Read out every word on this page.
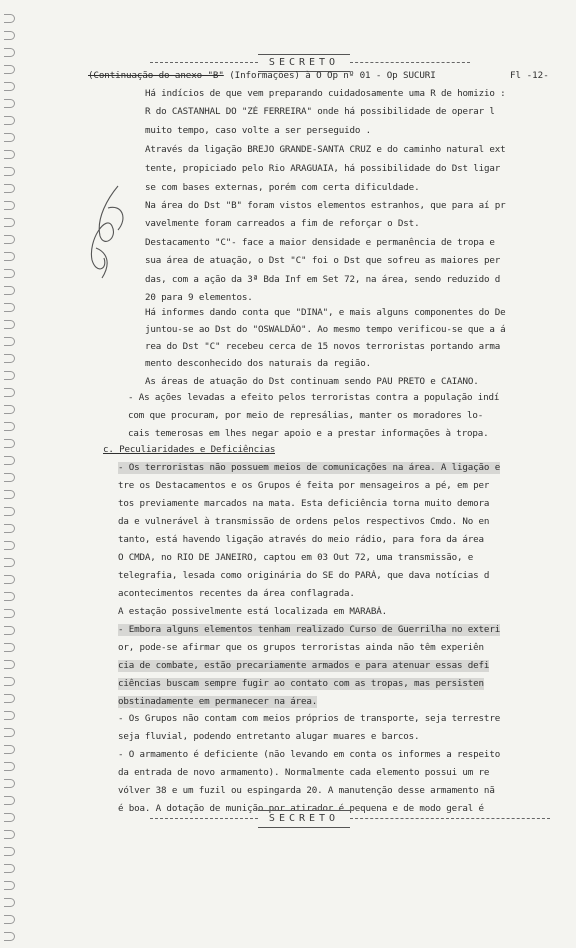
SECRETO
(Continuação do anexo "B" (Informações) à O Op nº 01 - Op SUCURI	Fl -12-
Há indícios de que vem preparando cuidadosamente uma R de homizio :
R do CASTANHAL DO "ZÉ FERREIRA" onde há possibilidade de operar l
muito tempo, caso volte a ser perseguido .
Através da ligação BREJO GRANDE-SANTA CRUZ e do caminho natural ext
tente, propiciado pelo Rio ARAGUAIA, há possibilidade do Dst ligar
se com bases externas, porém com certa dificuldade.
Na área do Dst "B" foram vistos elementos estranhos, que para aí pr
vavelmente foram carreados a fim de reforçar o Dst.
Destacamento "C"- face a maior densidade e permanência de tropa e
sua área de atuação, o Dst "C" foi o Dst que sofreu as maiores per
das, com a ação da 3ª Bda Inf em Set 72, na área, sendo reduzido d
20 para 9 elementos.
Há informes dando conta que "DINA", e mais alguns componentes do De
juntou-se ao Dst do "OSWALDÃO". Ao mesmo tempo verificou-se que a á
rea do Dst "C" recebeu cerca de 15 novos terroristas portando arma
mento desconhecido dos naturais da região.
As áreas de atuação do Dst continuam sendo PAU PRETO e CAIANO.
- As ações levadas a efeito pelos terroristas contra a população indí
com que procuram, por meio de represálias, manter os moradores lo-
cais temerosas em lhes negar apoio e a prestar informações à tropa.
c. Peculiaridades e Deficiências
- Os terroristas não possuem meios de comunicações na área. A ligação e
tre os Destacamentos e os Grupos é feita por mensageiros a pé, em per
tos previamente marcados na mata. Esta deficiência torna muito demora
da e vulnerável à transmissão de ordens pelos respectivos Cmdo. No en
tanto, está havendo ligação através do meio rádio, para fora da área
O CMDA, no RIO DE JANEIRO, captou em 03 Out 72, uma transmissão, e
telegrafia, lesada como originária do SE do PARÁ, que dava notícias d
acontecimentos recentes da área conflagrada.
A estação possivelmente está localizada em MARABÁ.
- Embora alguns elementos tenham realizado Curso de Guerrilha no exteri
or, pode-se afirmar que os grupos terroristas ainda não têm experiên
cia de combate, estão precariamente armados e para atenuar essas defi
ciências buscam sempre fugir ao contato com as tropas, mas persisten
obstinadamente em permanecer na área.
- Os Grupos não contam com meios próprios de transporte, seja terrestre
seja fluvial, podendo entretanto alugar muares e barcos.
- O armamento é deficiente (não levando em conta os informes a respeito
da entrada de novo armamento). Normalmente cada elemento possui um re
vólver 38 e um fuzil ou espingarda 20. A manutenção desse armamento nã
é boa. A dotação de munição por atirador é pequena e de modo geral é
SECRETO
